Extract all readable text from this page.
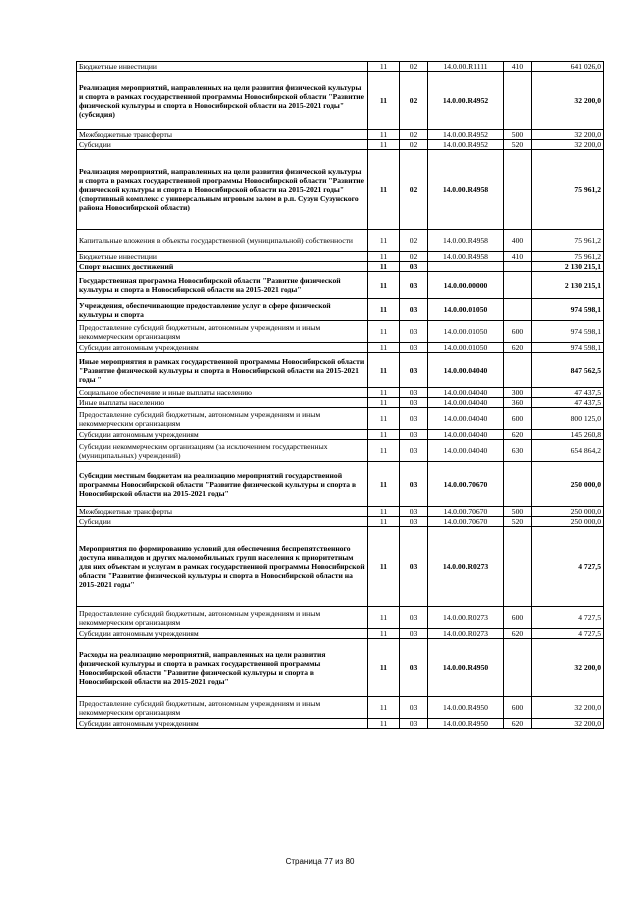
Бюджетные инвестиции	11	02	14.0.00.R1111	410	641 026,0
Реализация мероприятий, направленных на цели развития физической культуры и спорта в рамках государственной программы Новосибирской области "Развитие физической культуры и спорта в Новосибирской области на 2015-2021 годы" (субсидия)	11	02	14.0.00.R4952		32 200,0
Межбюджетные трансферты	11	02	14.0.00.R4952	500	32 200,0
Субсидии	11	02	14.0.00.R4952	520	32 200,0
Реализация мероприятий, направленных на цели развития физической культуры и спорта в рамках государственной программы Новосибирской области "Развитие физической культуры и спорта в Новосибирской области на 2015-2021 годы" (спортивный комплекс с универсальным игровым залом в р.п. Сузун Сузунского района Новосибирской области)	11	02	14.0.00.R4958		75 961,2
Капитальные вложения в объекты государственной (муниципальной) собственности	11	02	14.0.00.R4958	400	75 961,2
Бюджетные инвестиции	11	02	14.0.00.R4958	410	75 961,2
Спорт высших достижений	11	03			2 130 215,1
Государственная программа Новосибирской области "Развитие физической культуры и спорта в Новосибирской области на 2015-2021 годы"	11	03	14.0.00.00000		2 130 215,1
Учреждения, обеспечивающие предоставление услуг в сфере физической культуры и спорта	11	03	14.0.00.01050		974 598,1
Предоставление субсидий бюджетным, автономным учреждениям и иным некоммерческим организациям	11	03	14.0.00.01050	600	974 598,1
Субсидии автономным учреждениям	11	03	14.0.00.01050	620	974 598,1
Иные мероприятия в рамках государственной программы Новосибирской области "Развитие физической культуры и спорта в Новосибирской области на 2015-2021 годы "	11	03	14.0.00.04040		847 562,5
Социальное обеспечение и иные выплаты населению	11	03	14.0.00.04040	300	47 437,5
Иные выплаты населению	11	03	14.0.00.04040	360	47 437,5
Предоставление субсидий бюджетным, автономным учреждениям и иным некоммерческим организациям	11	03	14.0.00.04040	600	800 125,0
Субсидии автономным учреждениям	11	03	14.0.00.04040	620	145 260,8
Субсидии некоммерческим организациям (за исключением государственных (муниципальных) учреждений)	11	03	14.0.00.04040	630	654 864,2
Субсидии местным бюджетам на реализацию мероприятий государственной программы Новосибирской области "Развитие физической культуры и спорта в Новосибирской области на 2015-2021 годы"	11	03	14.0.00.70670		250 000,0
Межбюджетные трансферты	11	03	14.0.00.70670	500	250 000,0
Субсидии	11	03	14.0.00.70670	520	250 000,0
Мероприятия по формированию условий для обеспечения беспрепятственного доступа инвалидов и других маломобильных групп населения к приоритетным для них объектам и услугам в рамках государственной программы Новосибирской области "Развитие физической культуры и спорта в Новосибирской области на 2015-2021 годы"	11	03	14.0.00.R0273		4 727,5
Предоставление субсидий бюджетным, автономным учреждениям и иным некоммерческим организациям	11	03	14.0.00.R0273	600	4 727,5
Субсидии автономным учреждениям	11	03	14.0.00.R0273	620	4 727,5
Расходы на реализацию мероприятий, направленных на цели развития физической культуры и спорта в рамках государственной программы Новосибирской области "Развитие физической культуры и спорта в Новосибирской области на 2015-2021 годы"	11	03	14.0.00.R4950		32 200,0
Предоставление субсидий бюджетным, автономным учреждениям и иным некоммерческим организациям	11	03	14.0.00.R4950	600	32 200,0
Субсидии автономным учреждениям	11	03	14.0.00.R4950	620	32 200,0
Страница 77 из 80
